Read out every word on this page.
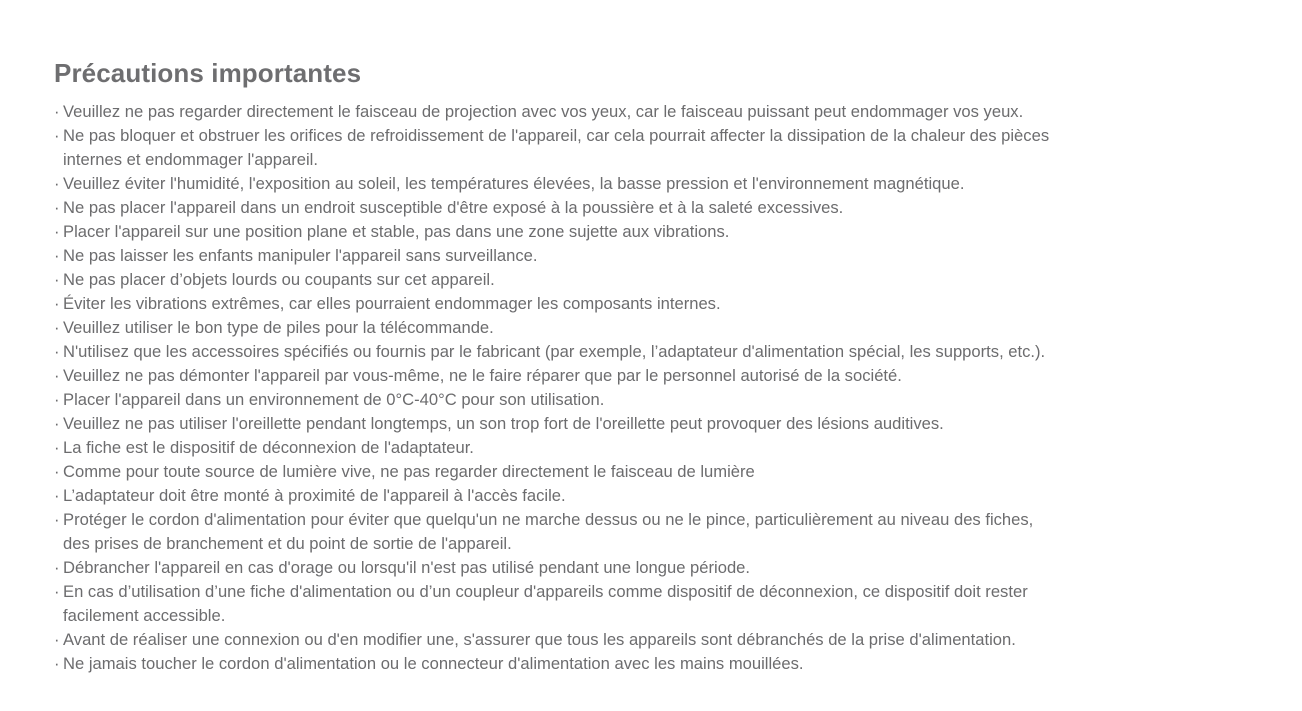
Précautions importantes
· Veuillez ne pas regarder directement le faisceau de projection avec vos yeux, car le faisceau puissant peut endommager vos yeux.
· Ne pas bloquer et obstruer les orifices de refroidissement de l'appareil, car cela pourrait affecter la dissipation de la chaleur des pièces
internes et endommager l'appareil.
· Veuillez éviter l'humidité, l'exposition au soleil, les températures élevées, la basse pression et l'environnement magnétique.
· Ne pas placer l'appareil dans un endroit susceptible d'être exposé à la poussière et à la saleté excessives.
· Placer l'appareil sur une position plane et stable, pas dans une zone sujette aux vibrations.
· Ne pas laisser les enfants manipuler l'appareil sans surveillance.
· Ne pas placer d’objets lourds ou coupants sur cet appareil.
· Éviter les vibrations extrêmes, car elles pourraient endommager les composants internes.
· Veuillez utiliser le bon type de piles pour la télécommande.
· N'utilisez que les accessoires spécifiés ou fournis par le fabricant (par exemple, l’adaptateur d'alimentation spécial, les supports, etc.).
· Veuillez ne pas démonter l'appareil par vous-même, ne le faire réparer que par le personnel autorisé de la société.
· Placer l'appareil dans un environnement de 0°C-40°C pour son utilisation.
· Veuillez ne pas utiliser l'oreillette pendant longtemps, un son trop fort de l'oreillette peut provoquer des lésions auditives.
· La fiche est le dispositif de déconnexion de l'adaptateur.
· Comme pour toute source de lumière vive, ne pas regarder directement le faisceau de lumière
· L’adaptateur doit être monté à proximité de l'appareil à l'accès facile.
· Protéger le cordon d'alimentation pour éviter que quelqu'un ne marche dessus ou ne le pince, particulièrement au niveau des fiches,
des prises de branchement et du point de sortie de l'appareil.
· Débrancher l'appareil en cas d'orage ou lorsqu'il n'est pas utilisé pendant une longue période.
· En cas d’utilisation d’une fiche d'alimentation ou d’un coupleur d'appareils comme dispositif de déconnexion, ce dispositif doit rester
facilement accessible.
· Avant de réaliser une connexion ou d'en modifier une, s'assurer que tous les appareils sont débranchés de la prise d'alimentation.
· Ne jamais toucher le cordon d'alimentation ou le connecteur d'alimentation avec les mains mouillées.
